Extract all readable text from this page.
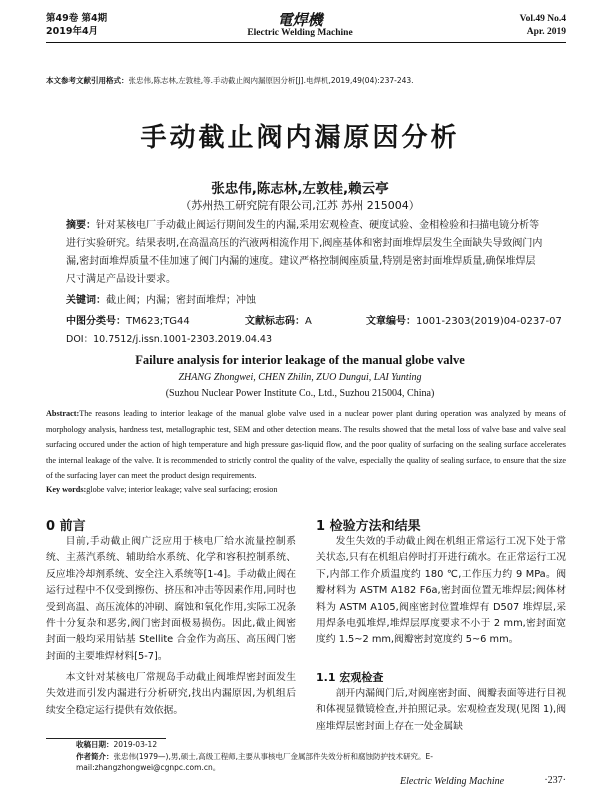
第49卷 第4期
2019年4月
電焊機
Electric Welding Machine
Vol.49 No.4
Apr. 2019
本文参考文献引用格式：张忠伟,陈志林,左敦桂,等.手动截止阀内漏原因分析[J].电焊机,2019,49(04):237-243.
手动截止阀内漏原因分析
张忠伟,陈志林,左敦桂,赖云亭
（苏州热工研究院有限公司,江苏 苏州 215004）
摘要：针对某核电厂手动截止阀运行期间发生的内漏,采用宏观检查、硬度试验、金相检验和扫描电镜分析等进行实验研究。结果表明,在高温高压的汽液两相流作用下,阀座基体和密封面堆焊层发生全面缺失导致阀门内漏,密封面堆焊质量不佳加速了阀门内漏的速度。建议严格控制阀座质量,特别是密封面堆焊质量,确保堆焊层尺寸满足产品设计要求。
关键词：截止阀；内漏；密封面堆焊；冲蚀
中图分类号：TM623;TG44	文献标志码：A	文章编号：1001-2303(2019)04-0237-07
DOI：10.7512/j.issn.1001-2303.2019.04.43
Failure analysis for interior leakage of the manual globe valve
ZHANG Zhongwei, CHEN Zhilin, ZUO Dungui, LAI Yunting
(Suzhou Nuclear Power Institute Co., Ltd., Suzhou 215004, China)
Abstract:The reasons leading to interior leakage of the manual globe valve used in a nuclear power plant during operation was analyzed by means of morphology analysis, hardness test, metallographic test, SEM and other detection means. The results showed that the metal loss of valve base and valve seal surfacing occured under the action of high temperature and high pressure gas-liquid flow, and the poor quality of surfacing on the sealing surface accelerates the internal leakage of the valve. It is recommended to strictly control the quality of the valve, especially the quality of sealing surface, to ensure that the size of the surfacing layer can meet the product design requirements.
Key words:globe valve; interior leakage; valve seal surfacing; erosion
0 前言
目前,手动截止阀广泛应用于核电厂给水流量控制系统、主蒸汽系统、辅助给水系统、化学和容积控制系统、反应堆冷却剂系统、安全注入系统等[1-4]。手动截止阀在运行过程中不仅受到擦伤、挤压和冲击等因素作用,同时也受到高温、高压流体的冲刷、腐蚀和氧化作用,实际工况条件十分复杂和恶劣,阀门密封面极易损伤。因此,截止阀密封面一般均采用钴基 Stellite 合金作为高压、高压阀门密封面的主要堆焊材料[5-7]。
本文针对某核电厂常规岛手动截止阀堆焊密封面发生失效进而引发内漏进行分析研究,找出内漏原因,为机组后续安全稳定运行提供有效依据。
1 检验方法和结果
发生失效的手动截止阀在机组正常运行工况下处于常关状态,只有在机组启停时打开进行疏水。在正常运行工况下,内部工作介质温度约 180 ℃,工作压力约 9 MPa。阀瓣材料为 ASTM A182 F6a,密封面位置无堆焊层;阀体材料为 ASTM A105,阀座密封位置堆焊有 D507 堆焊层,采用焊条电弧堆焊,堆焊层厚度要求不小于 2 mm,密封面宽度约 1.5~2 mm,阀瓣密封宽度约 5~6 mm。
1.1 宏观检查
剖开内漏阀门后,对阀座密封面、阀瓣表面等进行目视和体视显微镜检查,并拍照记录。宏观检查发现(见图 1),阀座堆焊层密封面上存在一处金属缺
收稿日期：2019-03-12
作者简介：张忠伟(1979—),男,硕士,高级工程师,主要从事核电厂金属部件失效分析和腐蚀防护技术研究。E-mail:zhangzhongwei@cgnpc.com.cn。
Electric Welding Machine	·237·
